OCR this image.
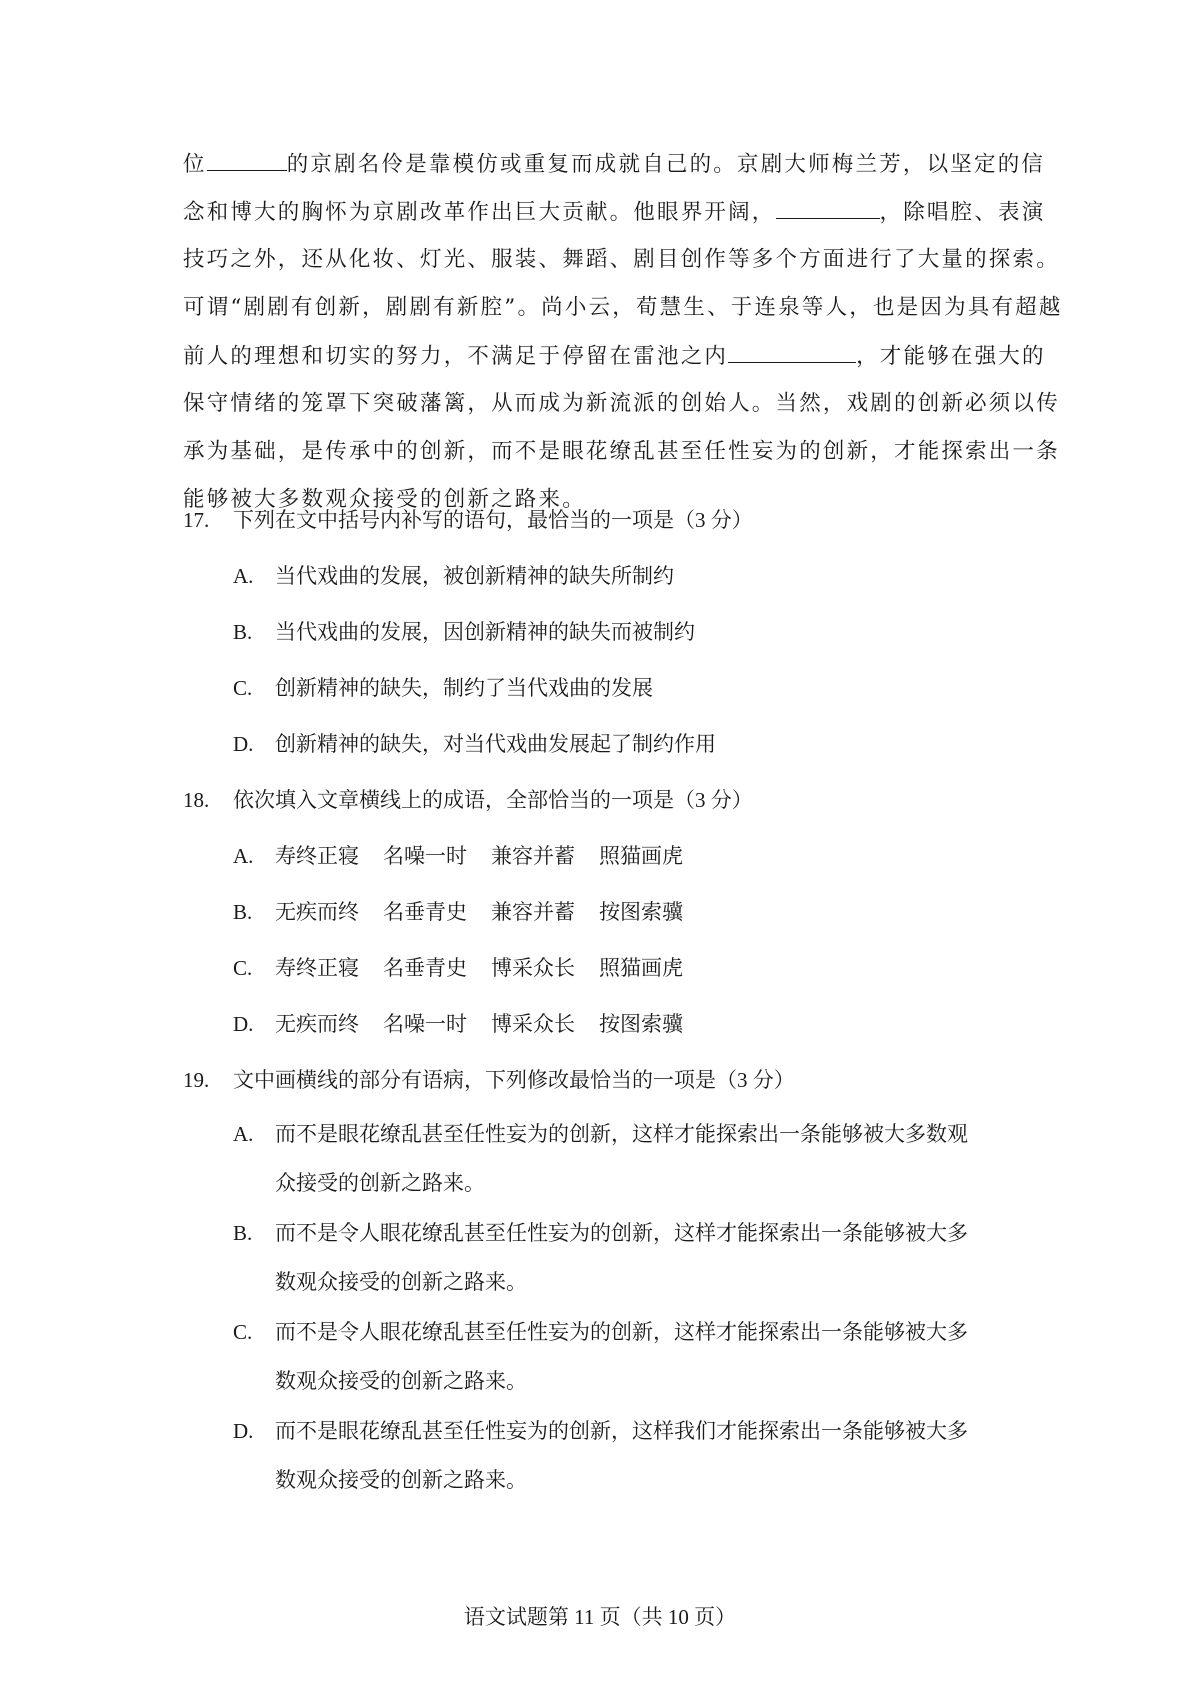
位	的京剧名伶是靠模仿或重复而成就自己的。京剧大师梅兰芳，以坚定的信

念和博大的胸怀为京剧改革作出巨大贡献。他眼界开阔，	，除唱腔、表演

技巧之外，还从化妆、灯光、服装、舞蹈、剧目创作等多个方面进行了大量的探索。

可谓“剧剧有创新，剧剧有新腔”。尚小云，荀慧生、于连泉等人，也是因为具有超越

前人的理想和切实的努力，不满足于停留在雷池之内	，才能够在强大的

保守情绪的笼罩下突破藩篱，从而成为新流派的创始人。当然，戏剧的创新必须以传

承为基础，是传承中的创新，而不是眼花缭乱甚至任性妄为的创新，才能探索出一条

能够被大多数观众接受的创新之路来。

17. 下列在文中括号内补写的语句，最恰当的一项是（3 分）
A. 当代戏曲的发展，被创新精神的缺失所制约
B. 当代戏曲的发展，因创新精神的缺失而被制约
C. 创新精神的缺失，制约了当代戏曲的发展
D. 创新精神的缺失，对当代戏曲发展起了制约作用
18. 依次填入文章横线上的成语，全部恰当的一项是（3 分）
A. 寿终正寝 名噪一时 兼容并蓄 照猫画虎
B. 无疾而终 名垂青史 兼容并蓄 按图索骥
C. 寿终正寝 名垂青史 博采众长 照猫画虎
D. 无疾而终 名噪一时 博采众长 按图索骥
19. 文中画横线的部分有语病，下列修改最恰当的一项是（3 分）
A. 而不是眼花缭乱甚至任性妄为的创新，这样才能探索出一条能够被大多数观
众接受的创新之路来。
B. 而不是令人眼花缭乱甚至任性妄为的创新，这样才能探索出一条能够被大多
数观众接受的创新之路来。
C. 而不是令人眼花缭乱甚至任性妄为的创新，这样才能探索出一条能够被大多
数观众接受的创新之路来。
D. 而不是眼花缭乱甚至任性妄为的创新，这样我们才能探索出一条能够被大多
数观众接受的创新之路来。
语文试题第 11 页（共 10 页）
